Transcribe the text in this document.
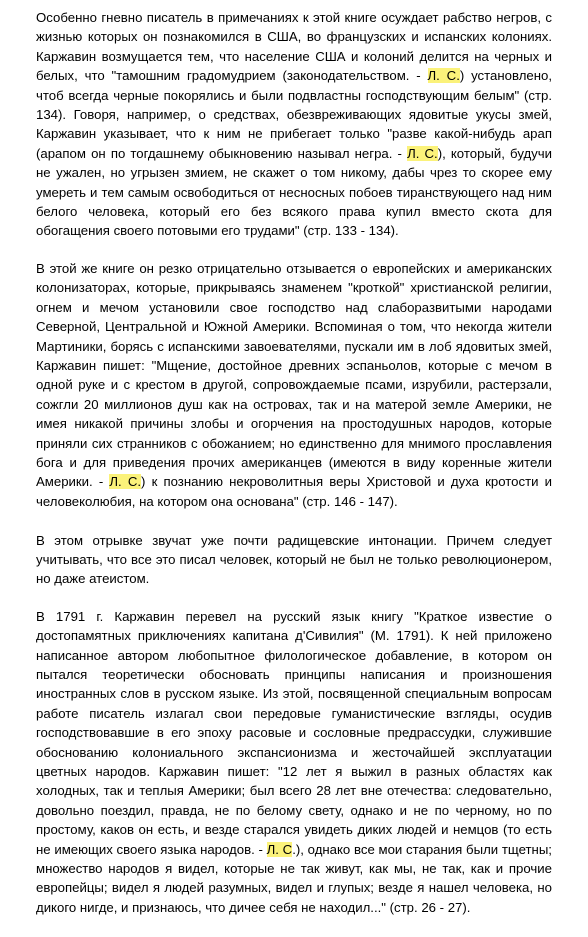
Особенно гневно писатель в примечаниях к этой книге осуждает рабство негров, с жизнью которых он познакомился в США, во французских и испанских колониях. Каржавин возмущается тем, что население США и колоний делится на черных и белых, что "тамошним градомудрием (законодательством. - Л. С.) установлено, чтоб всегда черные покорялись и были подвластны господствующим белым" (стр. 134). Говоря, например, о средствах, обезвреживающих ядовитые укусы змей, Каржавин указывает, что к ним не прибегает только "разве какой-нибудь арап (арапом он по тогдашнему обыкновению называл негра. - Л. С.), который, будучи не ужален, но угрызен змием, не скажет о том никому, дабы чрез то скорее ему умереть и тем самым освободиться от несносных побоев тиранствующего над ним белого человека, который его без всякого права купил вместо скота для обогащения своего потовыми его трудами" (стр. 133 - 134).

В этой же книге он резко отрицательно отзывается о европейских и американских колонизаторах, которые, прикрываясь знаменем "кроткой" христианской религии, огнем и мечом установили свое господство над слаборазвитыми народами Северной, Центральной и Южной Америки. Вспоминая о том, что некогда жители Мартиники, борясь с испанскими завоевателями, пускали им в лоб ядовитых змей, Каржавин пишет: "Мщение, достойное древних эспаньолов, которые с мечом в одной руке и с крестом в другой, сопровождаемые псами, изрубили, растерзали, сожгли 20 миллионов душ как на островах, так и на матерой земле Америки, не имея никакой причины злобы и огорчения на простодушных народов, которые приняли сих странников с обожанием; но единственно для мнимого прославления бога и для приведения прочих американцев (имеются в виду коренные жители Америки. - Л. С.) к познанию некроволитныя веры Христовой и духа кротости и человеколюбия, на котором она основана" (стр. 146 - 147).

В этом отрывке звучат уже почти радищевские интонации. Причем следует учитывать, что все это писал человек, который не был не только революционером, но даже атеистом.

В 1791 г. Каржавин перевел на русский язык книгу "Краткое известие о достопамятных приключениях капитана д'Сивилия" (М. 1791). К ней приложено написанное автором любопытное филологическое добавление, в котором он пытался теоретически обосновать принципы написания и произношения иностранных слов в русском языке. Из этой, посвященной специальным вопросам работе писатель излагал свои передовые гуманистические взгляды, осудив господствовавшие в его эпоху расовые и сословные предрассудки, служившие обоснованию колониального экспансионизма и жесточайшей эксплуатации цветных народов. Каржавин пишет: "12 лет я выжил в разных областях как холодных, так и теплыя Америки; был всего 28 лет вне отечества: следовательно, довольно поездил, правда, не по белому свету, однако и не по черному, но по простому, каков он есть, и везде старался увидеть диких людей и немцов (то есть не имеющих своего языка народов. - Л. С.), однако все мои старания были тщетны; множество народов я видел, которые не так живут, как мы, не так, как и прочие европейцы; видел я людей разумных, видел и глупых; везде я нашел человека, но дикого нигде, и признаюсь, что дичее себя не находил..." (стр. 26 - 27).
